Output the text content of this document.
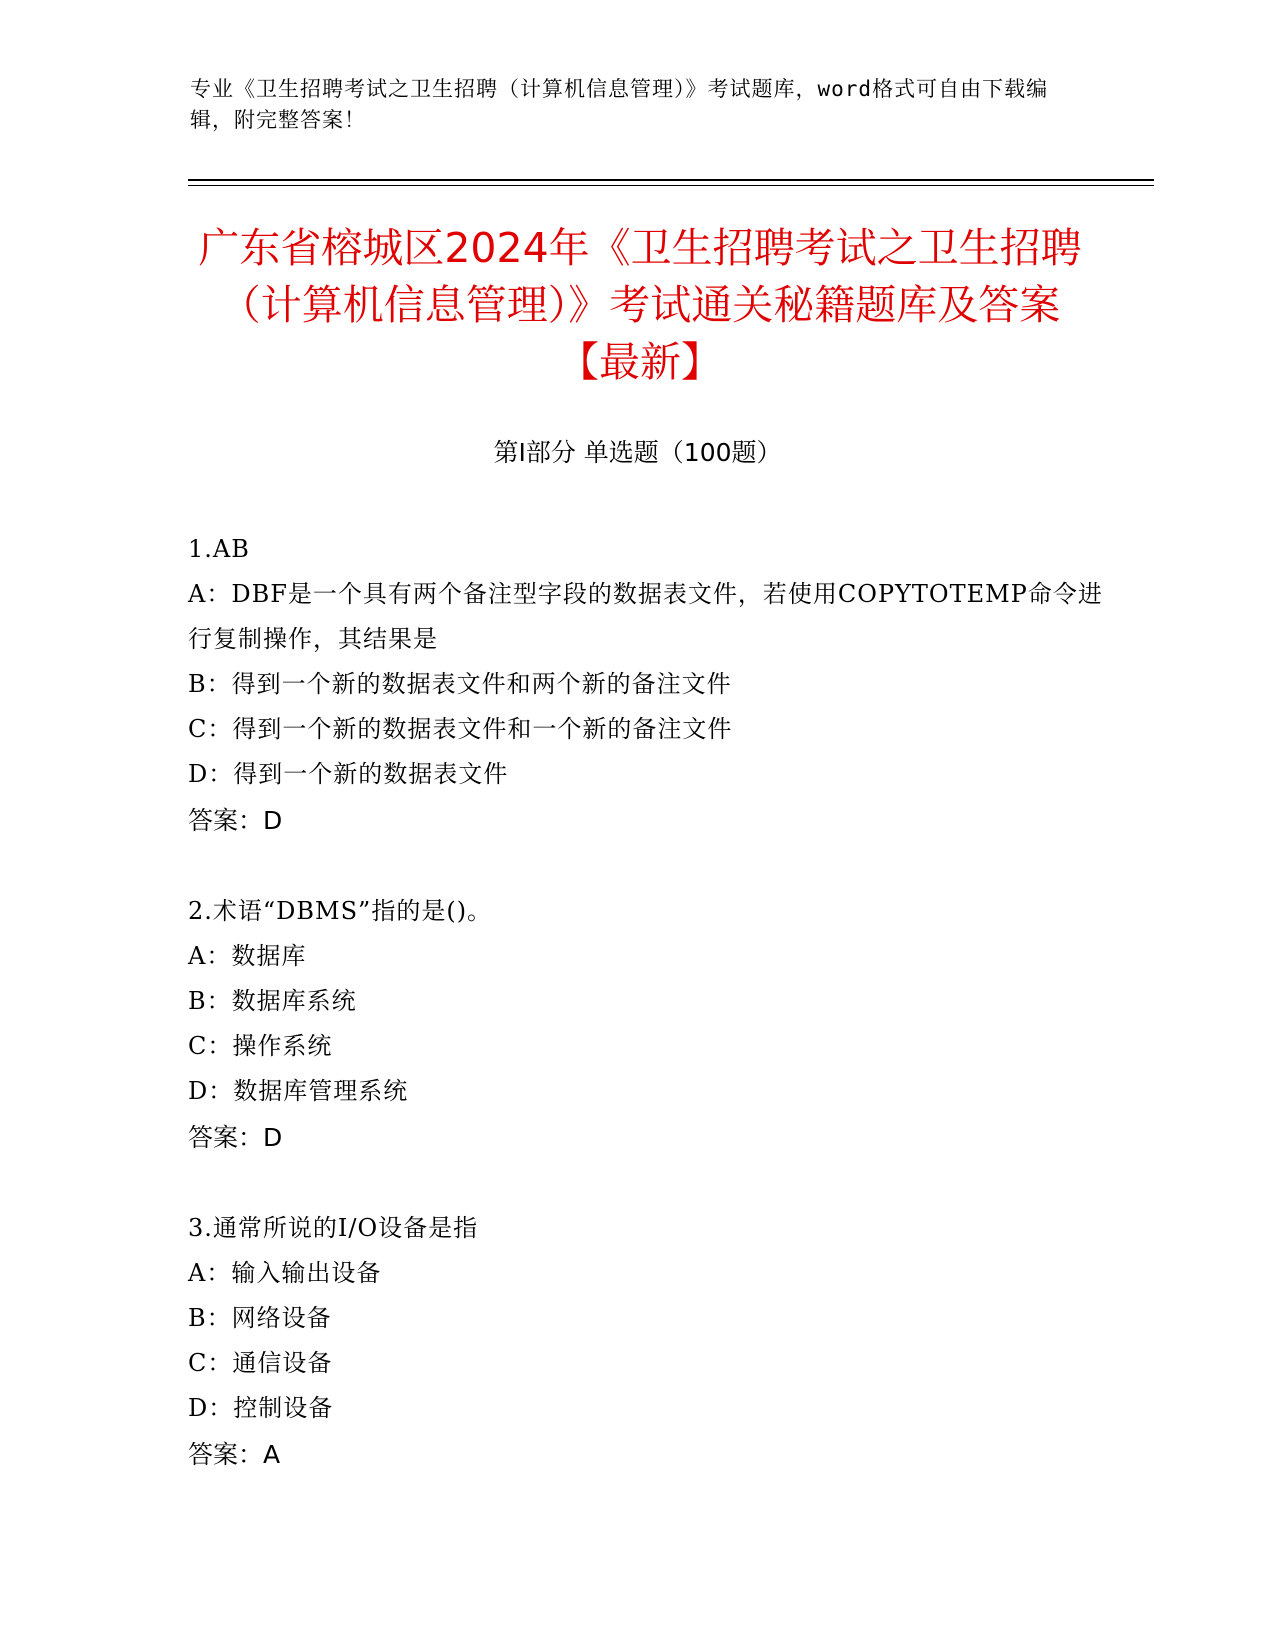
专业《卫生招聘考试之卫生招聘（计算机信息管理）》考试题库，word格式可自由下载编辑，附完整答案！
广东省榕城区2024年《卫生招聘考试之卫生招聘（计算机信息管理）》考试通关秘籍题库及答案【最新】
第I部分 单选题（100题）
1.AB
A：DBF是一个具有两个备注型字段的数据表文件，若使用COPYTOTEMP命令进行复制操作，其结果是
B：得到一个新的数据表文件和两个新的备注文件
C：得到一个新的数据表文件和一个新的备注文件
D：得到一个新的数据表文件
答案：D
2.术语“DBMS”指的是()。
A：数据库
B：数据库系统
C：操作系统
D：数据库管理系统
答案：D
3.通常所说的I/O设备是指
A：输入输出设备
B：网络设备
C：通信设备
D：控制设备
答案：A
